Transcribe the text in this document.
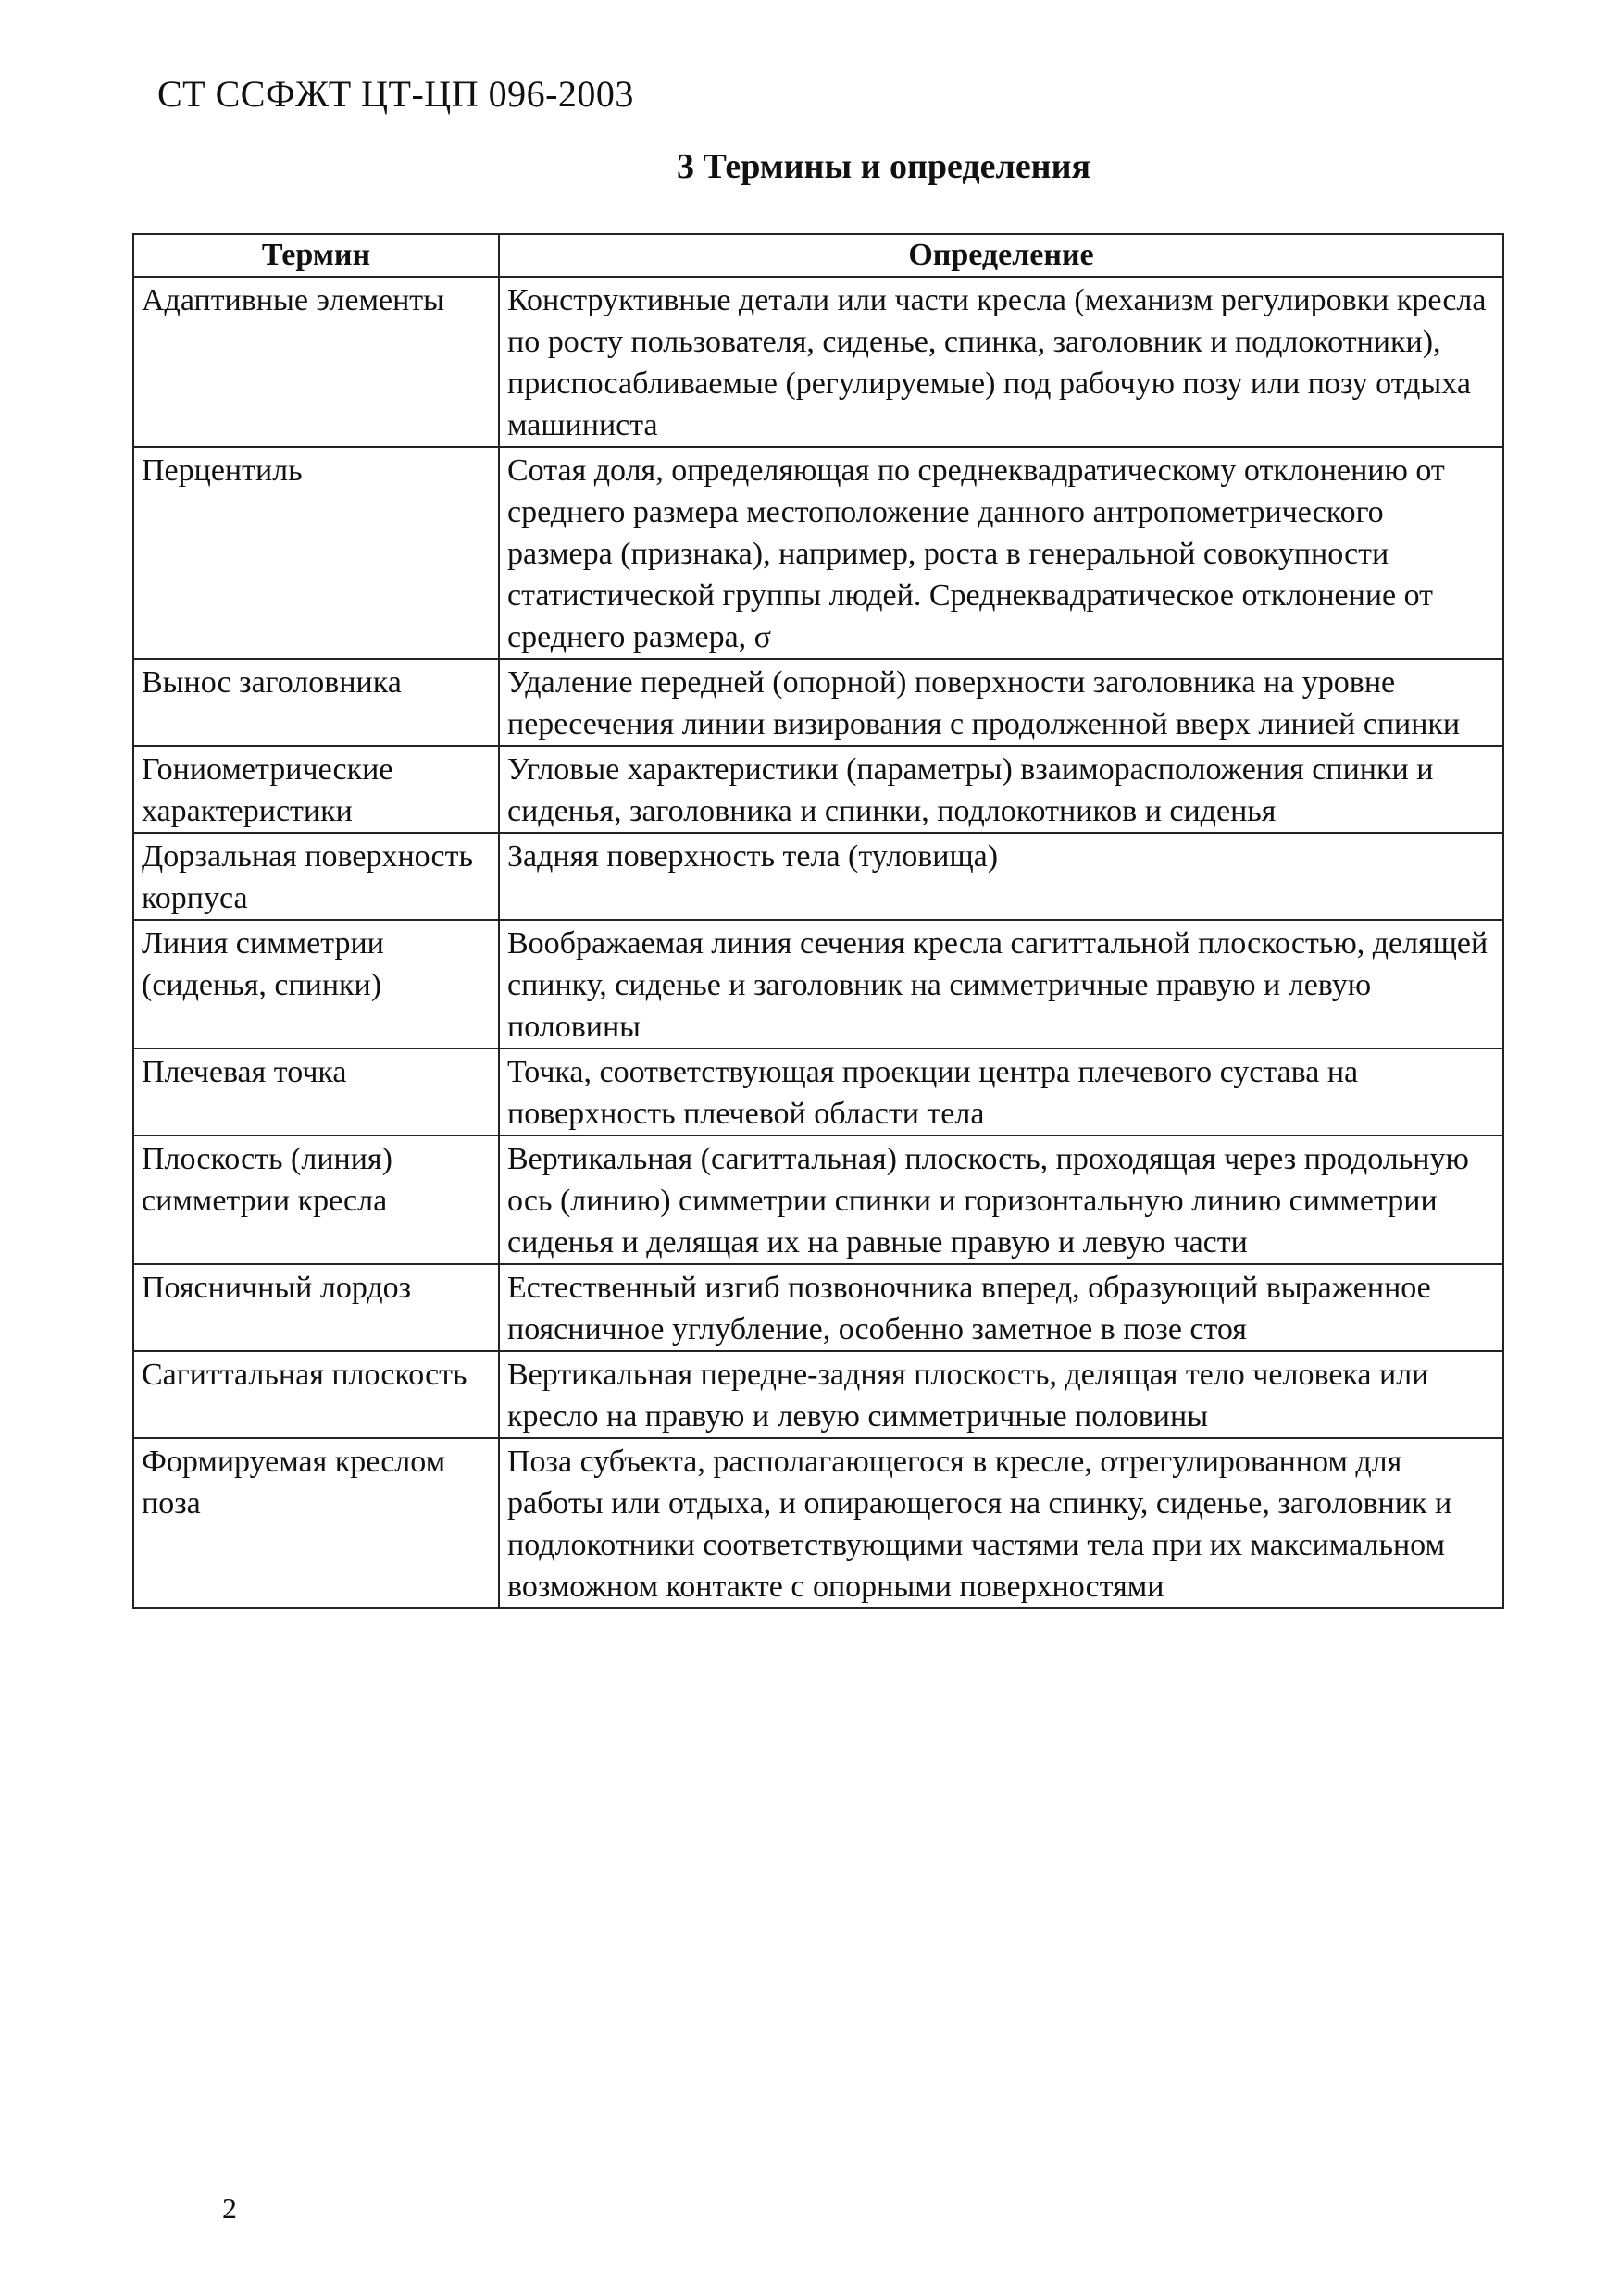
СТ ССФЖТ ЦТ-ЦП 096-2003
3 Термины и определения
Термин	Определение
Адаптивные элементы	Конструктивные детали или части кресла (механизм регулировки кресла по росту пользователя, сиденье, спинка, заголовник и подлокотники), приспосабливаемые (регулируемые) под рабочую позу или позу отдыха машиниста
Перцентиль	Сотая доля, определяющая по среднеквадратическому отклонению от среднего размера местоположение данного антропометрического размера (признака), например, роста в генеральной совокупности статистической группы людей. Среднеквадратическое отклонение от среднего размера, σ
Вынос заголовника	Удаление передней (опорной) поверхности заголовника на уровне пересечения линии визирования с продолженной вверх линией спинки
Гониометрические характеристики	Угловые характеристики (параметры) взаиморасположения спинки и сиденья, заголовника и спинки, подлокотников и сиденья
Дорзальная поверхность корпуса	Задняя поверхность тела (туловища)
Линия симметрии (сиденья, спинки)	Воображаемая линия сечения кресла сагиттальной плоскостью, делящей спинку, сиденье и заголовник на симметричные правую и левую половины
Плечевая точка	Точка, соответствующая проекции центра плечевого сустава на поверхность плечевой области тела
Плоскость (линия) симметрии кресла	Вертикальная (сагиттальная) плоскость, проходящая через продольную ось (линию) симметрии спинки и горизонтальную линию симметрии сиденья и делящая их на равные правую и левую части
Поясничный лордоз	Естественный изгиб позвоночника вперед, образующий выраженное поясничное углубление, особенно заметное в позе стоя
Сагиттальная плоскость	Вертикальная передне-задняя плоскость, делящая тело человека или кресло на правую и левую симметричные половины
Формируемая креслом поза	Поза субъекта, располагающегося в кресле, отрегулированном для работы или отдыха, и опирающегося на спинку, сиденье, заголовник и подлокотники соответствующими частями тела при их максимальном возможном контакте с опорными поверхностями
2
